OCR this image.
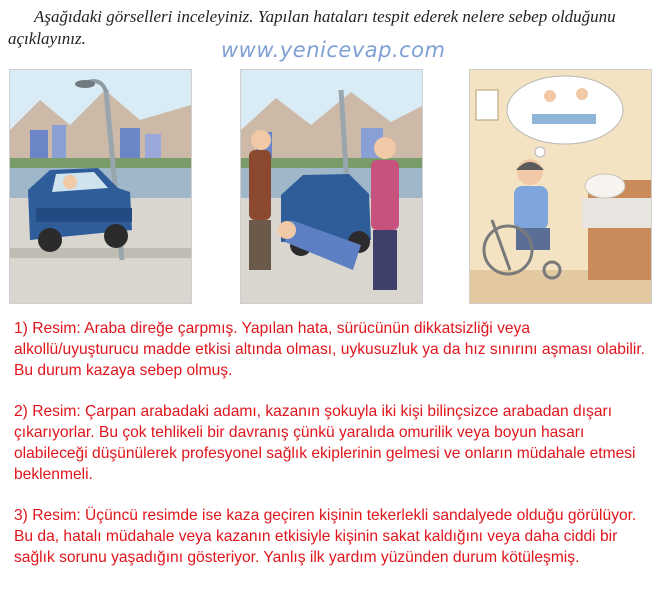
Aşağıdaki görselleri inceleyiniz. Yapılan hataları tespit ederek nelere sebep olduğunu açıklayınız.	www.yenicevap.com

1) Resim: Araba direğe çarpmış. Yapılan hata, sürücünün dikkatsizliği veya alkollü/uyuşturucu madde etkisi altında olması, uykusuzluk ya da hız sınırını aşması olabilir. Bu durum kazaya sebep olmuş.

2) Resim: Çarpan arabadaki adamı, kazanın şokuyla iki kişi bilinçsizce arabadan dışarı çıkarıyorlar. Bu çok tehlikeli bir davranış çünkü yaralıda omurilik veya boyun hasarı olabileceği düşünülerek profesyonel sağlık ekiplerinin gelmesi ve onların müdahale etmesi beklenmeli.

3) Resim: Üçüncü resimde ise kaza geçiren kişinin tekerlekli sandalyede olduğu görülüyor. Bu da, hatalı müdahale veya kazanın etkisiyle kişinin sakat kaldığını veya daha ciddi bir sağlık sorunu yaşadığını gösteriyor. Yanlış ilk yardım yüzünden durum kötüleşmiş.
